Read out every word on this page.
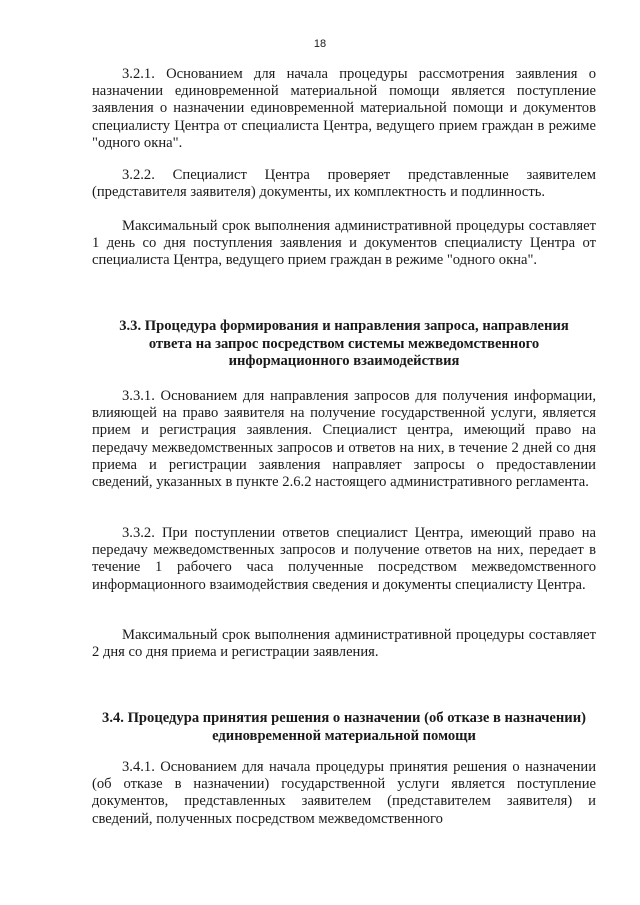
18

3.2.1. Основанием для начала процедуры рассмотрения заявления о назначении единовременной материальной помощи является поступление заявления о назначении единовременной материальной помощи и документов специалисту Центра от специалиста Центра, ведущего прием граждан в режиме "одного окна".

3.2.2. Специалист Центра проверяет представленные заявителем (представителя заявителя) документы, их комплектность и подлинность.

Максимальный срок выполнения административной процедуры составляет 1 день со дня поступления заявления и документов специалисту Центра от специалиста Центра, ведущего прием граждан в режиме "одного окна".

3.3. Процедура формирования и направления запроса, направления ответа на запрос посредством системы межведомственного информационного взаимодействия

3.3.1. Основанием для направления запросов для получения информации, влияющей на право заявителя на получение государственной услуги, является прием и регистрация заявления. Специалист центра, имеющий право на передачу межведомственных запросов и ответов на них, в течение 2 дней со дня приема и регистрации заявления направляет запросы о предоставлении сведений, указанных в пункте 2.6.2 настоящего административного регламента.

3.3.2. При поступлении ответов специалист Центра, имеющий право на передачу межведомственных запросов и получение ответов на них, передает в течение 1 рабочего часа полученные посредством межведомственного информационного взаимодействия сведения и документы специалисту Центра.

Максимальный срок выполнения административной процедуры составляет 2 дня со дня приема и регистрации заявления.

3.4. Процедура принятия решения о назначении (об отказе в назначении) единовременной материальной помощи

3.4.1. Основанием для начала процедуры принятия решения о назначении (об отказе в назначении) государственной услуги является поступление документов, представленных заявителем (представителем заявителя) и сведений, полученных посредством межведомственного
